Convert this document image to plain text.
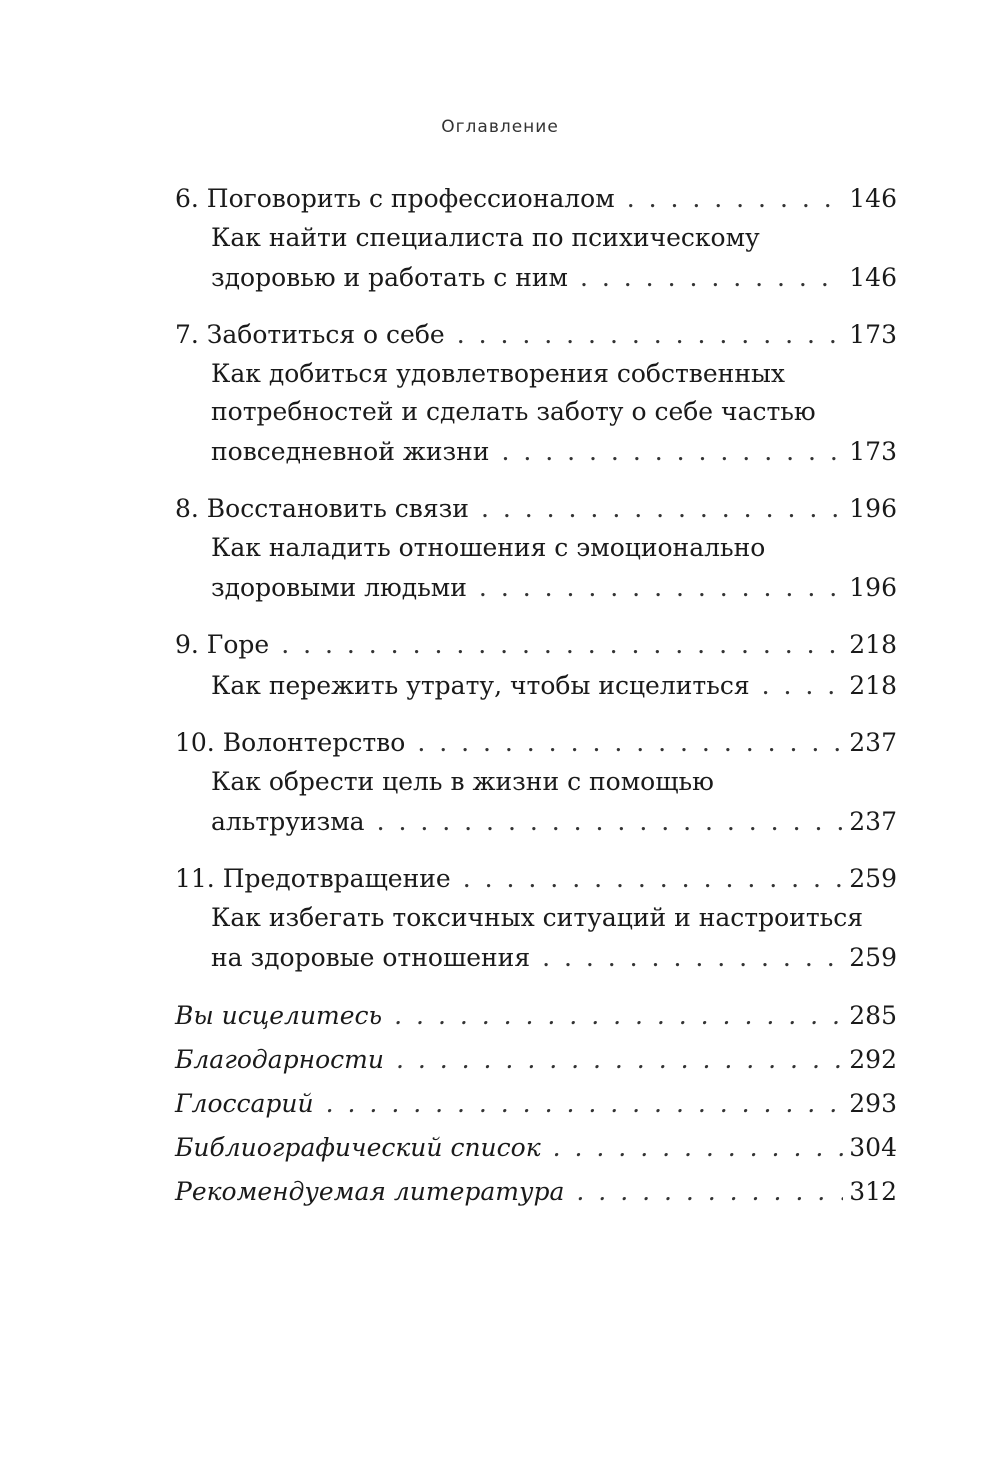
Оглавление
6. Поговорить с профессионалом . . .	146
Как найти специалиста по психическому
здоровью и работать с ним . . .	146
7. Заботиться о себе . . .	173
Как добиться удовлетворения собственных
потребностей и сделать заботу о себе частью
повседневной жизни . . .	173
8. Восстановить связи . . .	196
Как наладить отношения с эмоционально
здоровыми людьми . . .	196
9. Горе . . .	218
Как пережить утрату, чтобы исцелиться . . .	218
10. Волонтерство . . .	237
Как обрести цель в жизни с помощью
альтруизма . . .	237
11. Предотвращение . . .	259
Как избегать токсичных ситуаций и настроиться
на здоровые отношения . . .	259
Вы исцелитесь . . .	285
Благодарности . . .	292
Глоссарий . . .	293
Библиографический список . . .	304
Рекомендуемая литература . . .	312
